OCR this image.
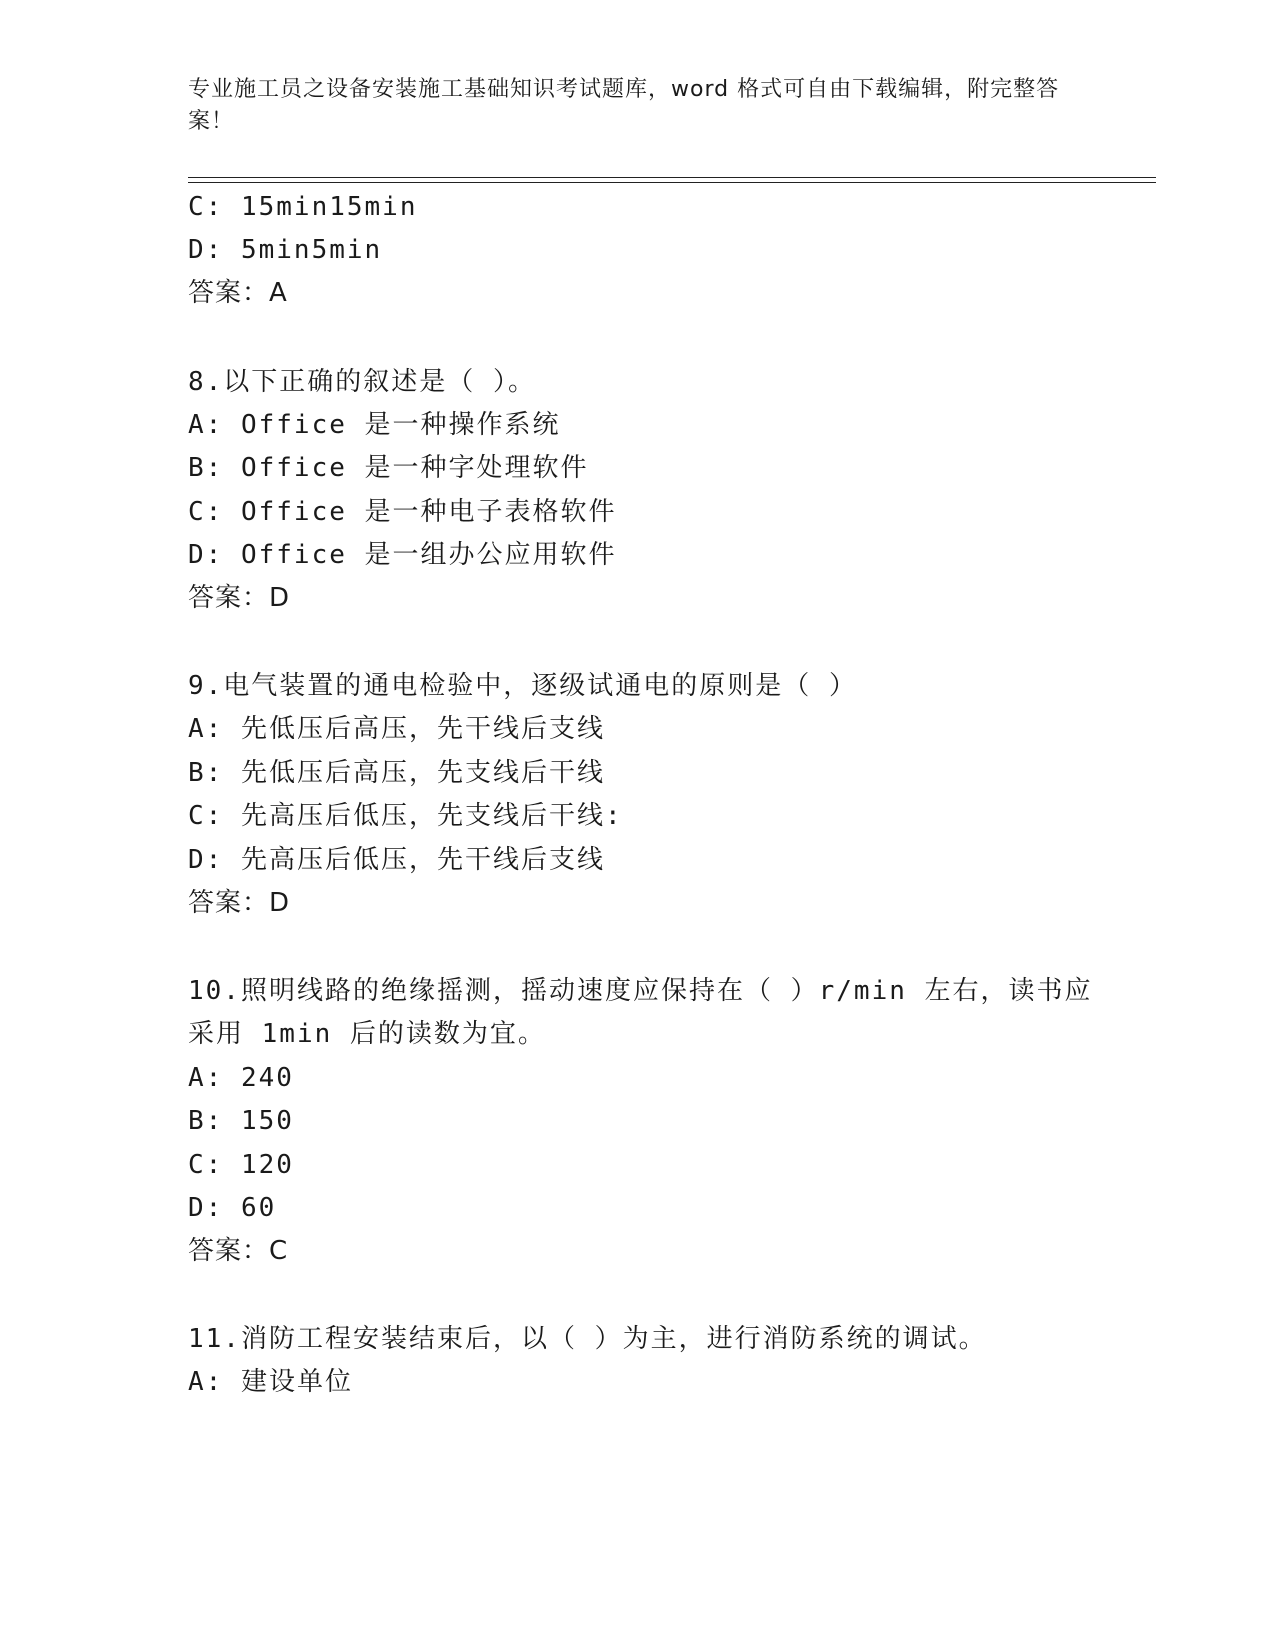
专业施工员之设备安装施工基础知识考试题库，word 格式可自由下载编辑，附完整答案！
C: 15min15min
D: 5min5min
答案：A
8.以下正确的叙述是（ ）。
A: Office 是一种操作系统
B: Office 是一种字处理软件
C: Office 是一种电子表格软件
D: Office 是一组办公应用软件
答案：D
9.电气装置的通电检验中，逐级试通电的原则是（ ）
A: 先低压后高压，先干线后支线
B: 先低压后高压，先支线后干线
C: 先高压后低压，先支线后干线:
D: 先高压后低压，先干线后支线
答案：D
10.照明线路的绝缘摇测，摇动速度应保持在（ ）r/min 左右，读书应
采用 1min 后的读数为宜。
A: 240
B: 150
C: 120
D: 60
答案：C
11.消防工程安装结束后，以（ ）为主，进行消防系统的调试。
A: 建设单位
